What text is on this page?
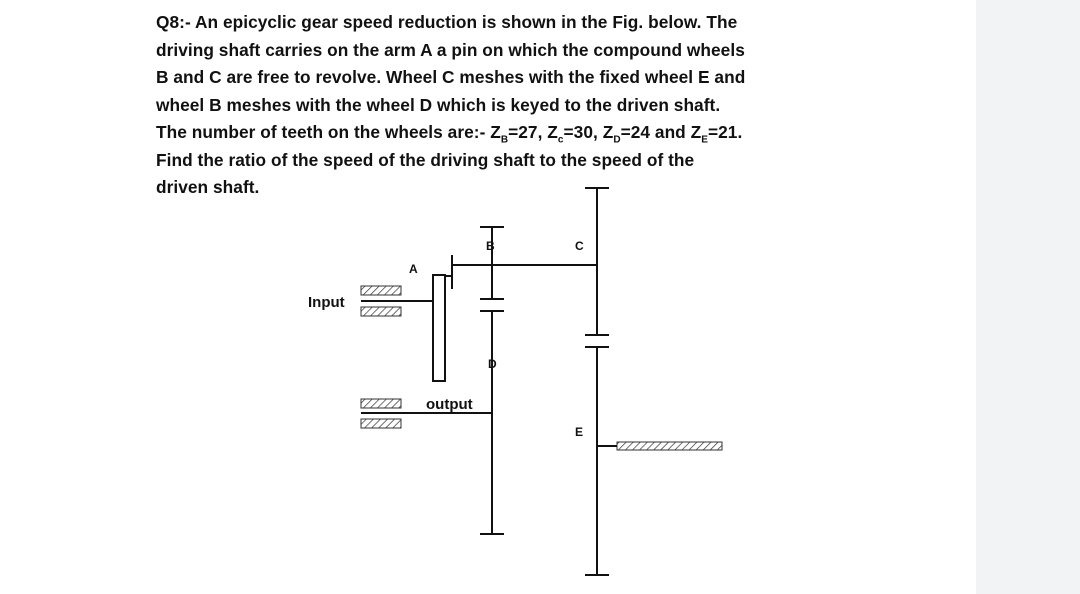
Q8:- An epicyclic gear speed reduction is shown in the Fig. below. The
driving shaft carries on the arm A a pin on which the compound wheels
B and C are free to revolve. Wheel C meshes with the fixed wheel E and
wheel B meshes with the wheel D which is keyed to the driven shaft.
The number of teeth on the wheels are:- $Z_B=27$, $Z_c=30$, $Z_D=24$ and $Z_E=21$.
Find the ratio of the speed of the driving shaft to the speed of the
driven shaft.
Input
output
A
B	C
D
E
